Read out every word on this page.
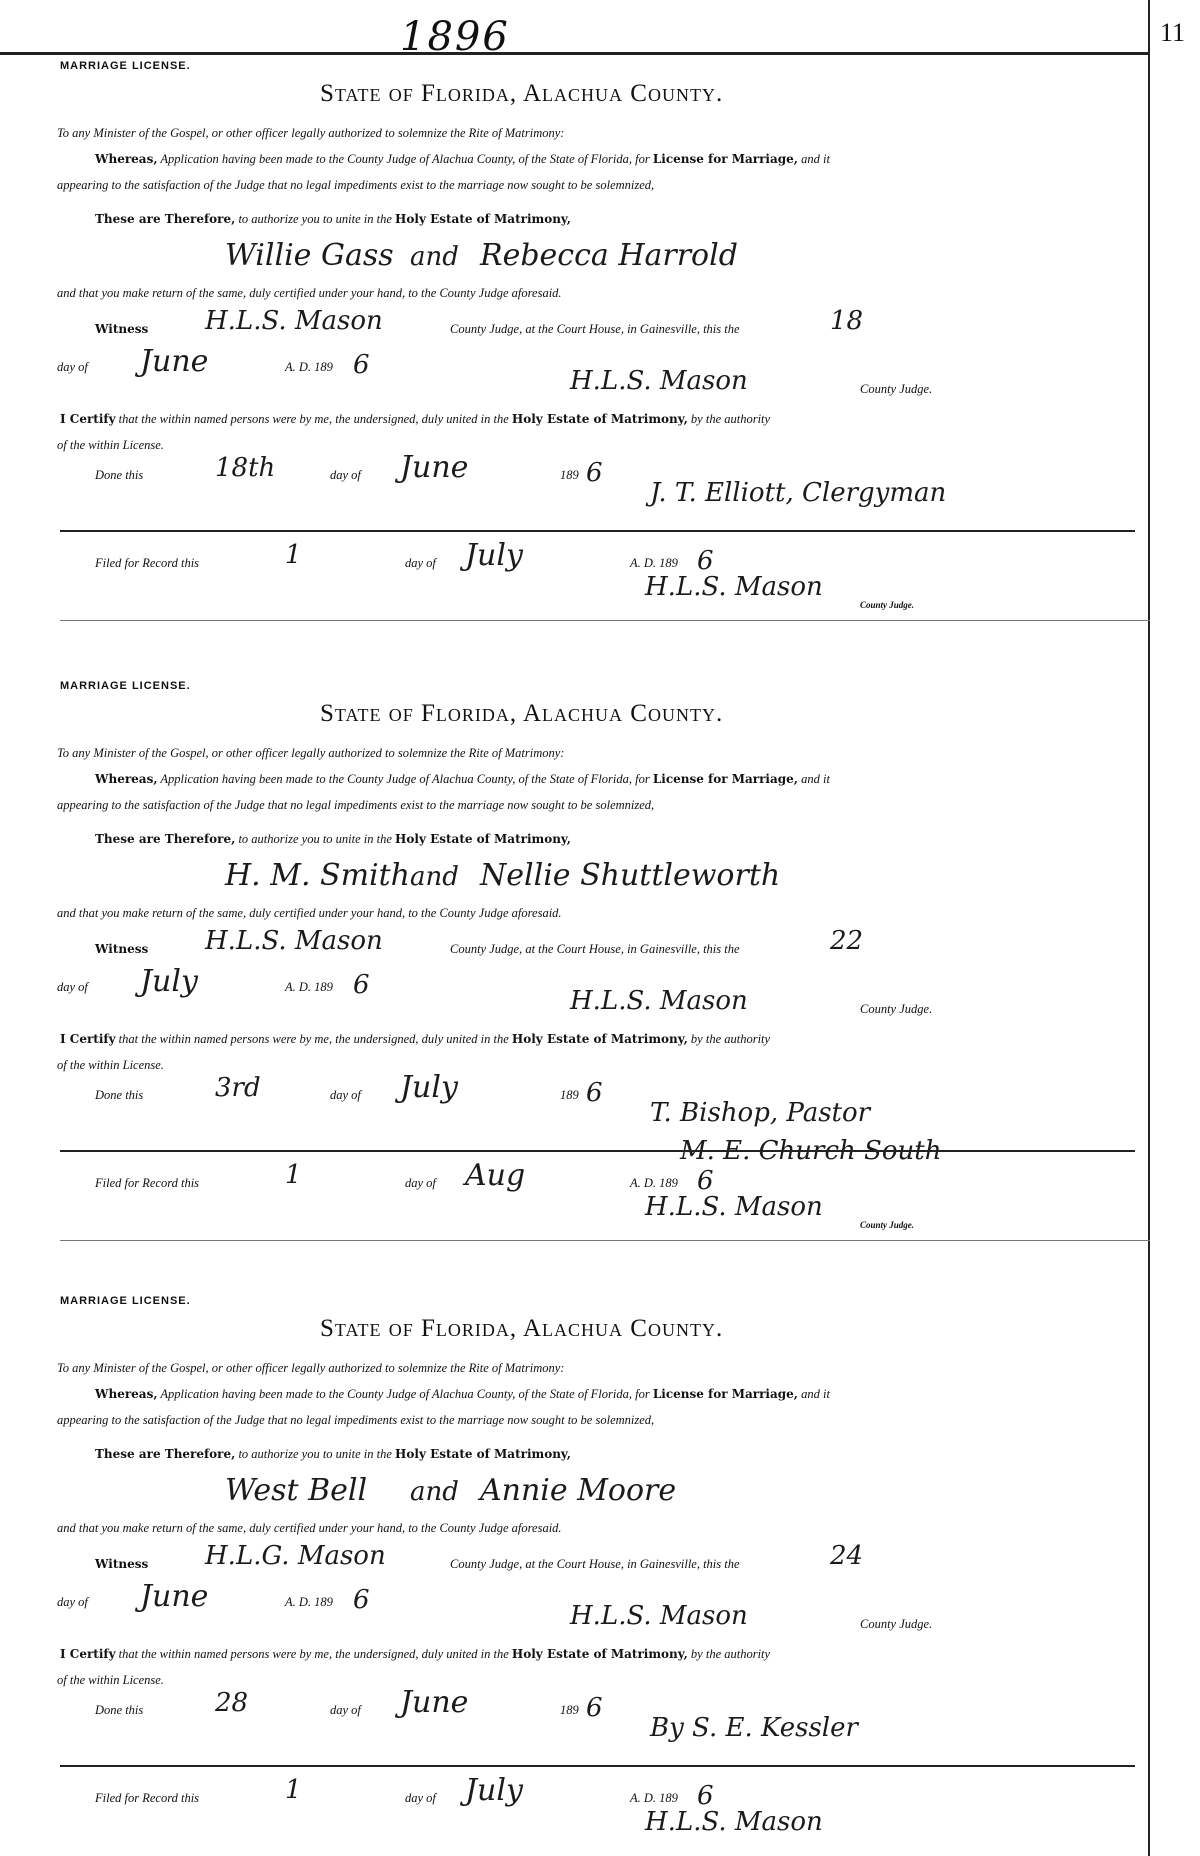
1896	11
MARRIAGE LICENSE.
State of Florida, Alachua County.
To any Minister of the Gospel, or other officer legally authorized to solemnize the Rite of Matrimony:
Whereas, Application having been made to the County Judge of Alachua County, of the State of Florida, for License for Marriage, and it
appearing to the satisfaction of the Judge that no legal impediments exist to the marriage now sought to be solemnized,
These are Therefore, to authorize you to unite in the Holy Estate of Matrimony,
Willie Gass and Rebecca Harrold
and that you make return of the same, duly certified under your hand, to the County Judge aforesaid.
Witness H.L.S. Mason	County Judge, at the Court House, in Gainesville, this the	18
day of June	A. D. 189 6
H.L.S. Mason	County Judge.
I Certify that the within named persons were by me, the undersigned, duly united in the Holy Estate of Matrimony, by the authority
of the within License.
Done this	18th	day of June	189 6
J. T. Elliott, Clergyman
Filed for Record this	1	day of July	A. D. 189 6
H.L.S. Mason
County Judge.
MARRIAGE LICENSE.
State of Florida, Alachua County.
To any Minister of the Gospel, or other officer legally authorized to solemnize the Rite of Matrimony:
Whereas, Application having been made to the County Judge of Alachua County, of the State of Florida, for License for Marriage, and it
appearing to the satisfaction of the Judge that no legal impediments exist to the marriage now sought to be solemnized,
These are Therefore, to authorize you to unite in the Holy Estate of Matrimony,
H. M. Smith and Nellie Shuttleworth
and that you make return of the same, duly certified under your hand, to the County Judge aforesaid.
Witness H.L.S. Mason	County Judge, at the Court House, in Gainesville, this the	22
day of July	A. D. 189 6
H.L.S. Mason	County Judge.
I Certify that the within named persons were by me, the undersigned, duly united in the Holy Estate of Matrimony, by the authority
of the within License.
Done this	3rd	day of July	189 6
T. Bishop, Pastor
M. E. Church South
Filed for Record this	1	day of Aug	A. D. 189 6
H.L.S. Mason
County Judge.
MARRIAGE LICENSE.
State of Florida, Alachua County.
To any Minister of the Gospel, or other officer legally authorized to solemnize the Rite of Matrimony:
Whereas, Application having been made to the County Judge of Alachua County, of the State of Florida, for License for Marriage, and it
appearing to the satisfaction of the Judge that no legal impediments exist to the marriage now sought to be solemnized,
These are Therefore, to authorize you to unite in the Holy Estate of Matrimony,
West Bell and Annie Moore
and that you make return of the same, duly certified under your hand, to the County Judge aforesaid.
Witness H.L.G. Mason	County Judge, at the Court House, in Gainesville, this the	24
day of June	A. D. 189 6
H.L.S. Mason	County Judge.
I Certify that the within named persons were by me, the undersigned, duly united in the Holy Estate of Matrimony, by the authority
of the within License.
Done this	28	day of June	189 6
By S. E. Kessler
Filed for Record this	1	day of July	A. D. 189 6
H.L.S. Mason
